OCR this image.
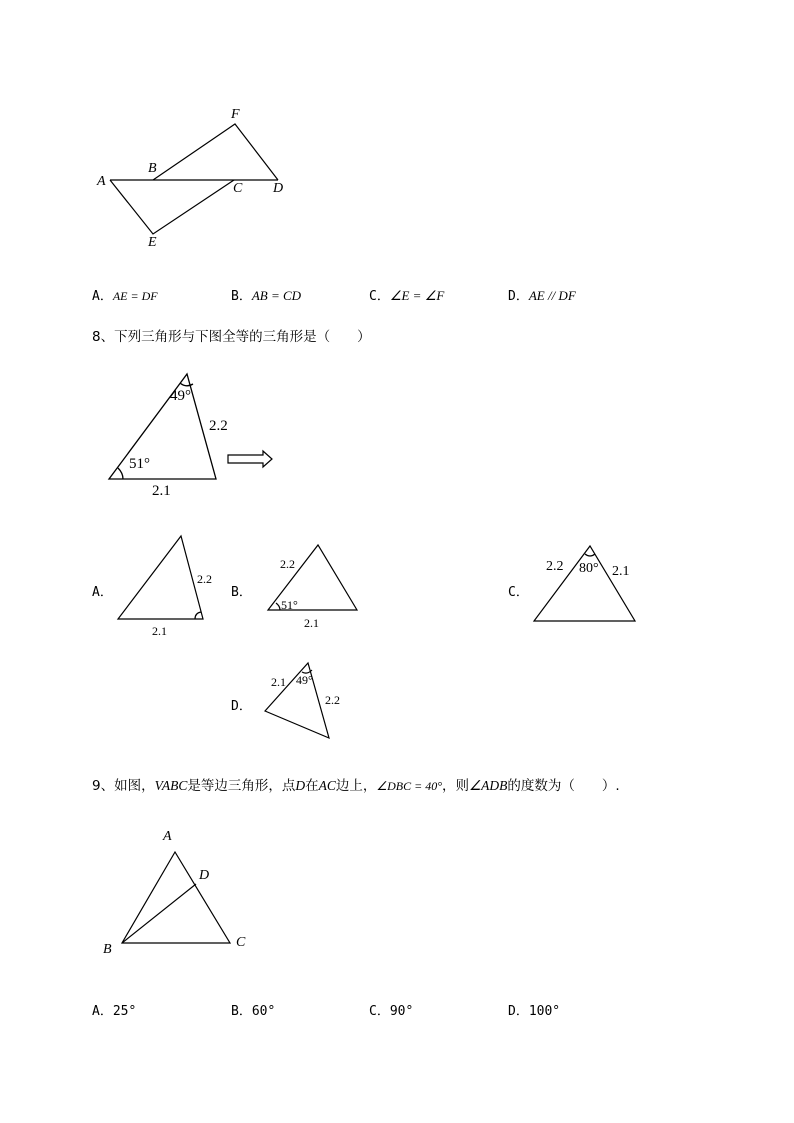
F
B
A	C D
E
A．AE = DF	B．AB = CD	C．∠E = ∠F	D．AE // DF
8、下列三角形与下图全等的三角形是（　　）
49°
2.2
51°
2.1
A．
2.2
2.1
B．
2.2
51°
2.1
C．
2.2 80° 2.1
D．
2.1 49°
2.2
9、如图，VABC是等边三角形，点D在AC边上，∠DBC = 40°，则∠ADB的度数为（　　）.
A
D
C
B
A．25°	B．60°	C．90°	D．100°
